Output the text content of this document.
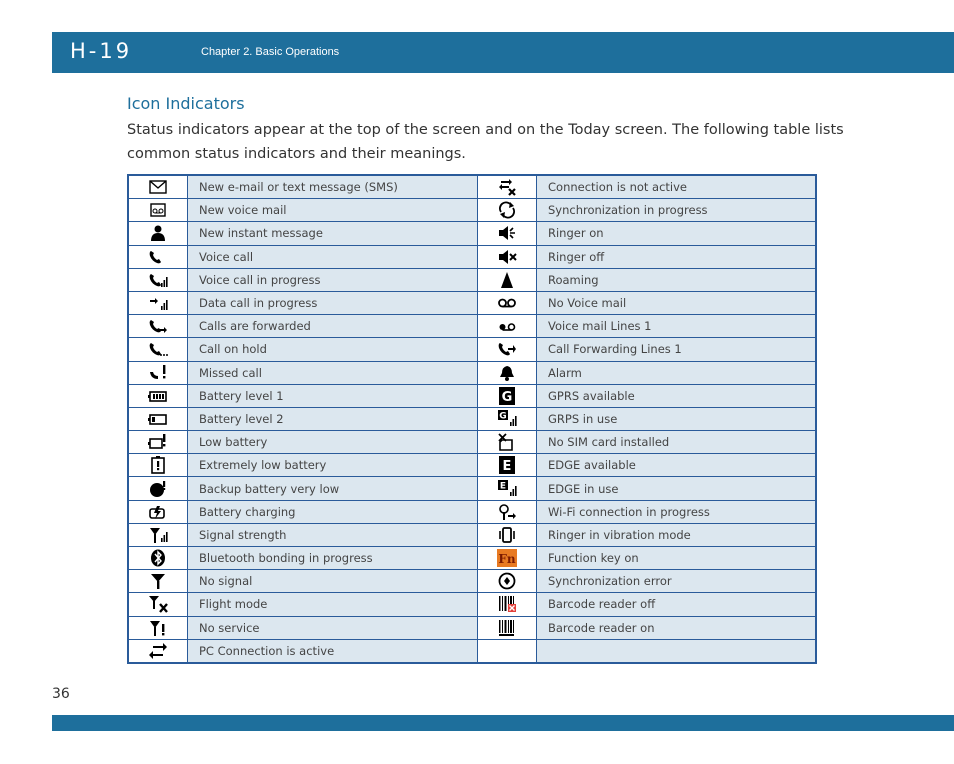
H-19	Chapter 2. Basic Operations
Icon Indicators
Status indicators appear at the top of the screen and on the Today screen. The following table lists common status indicators and their meanings.
	New e-mail or text message (SMS)		Connection is not active

	New voice mail		Synchronization in progress

	New instant message		Ringer on

	Voice call		Ringer off

	Voice call in progress		Roaming

	Data call in progress		No Voice mail

	Calls are forwarded		Voice mail Lines 1

	Call on hold		Call Forwarding Lines 1

	Missed call		Alarm

	Battery level 1	G	GPRS available

	Battery level 2	G	GRPS in use

	Low battery		No SIM card installed

	Extremely low battery	E	EDGE available

	Backup battery very low	E	EDGE in use

	Battery charging		Wi-Fi connection in progress

	Signal strength		Ringer in vibration mode

	Bluetooth bonding in progress	Fn	Function key on

	No signal		Synchronization error

	Flight mode		Barcode reader off

	No service		Barcode reader on

	PC Connection is active		
36
